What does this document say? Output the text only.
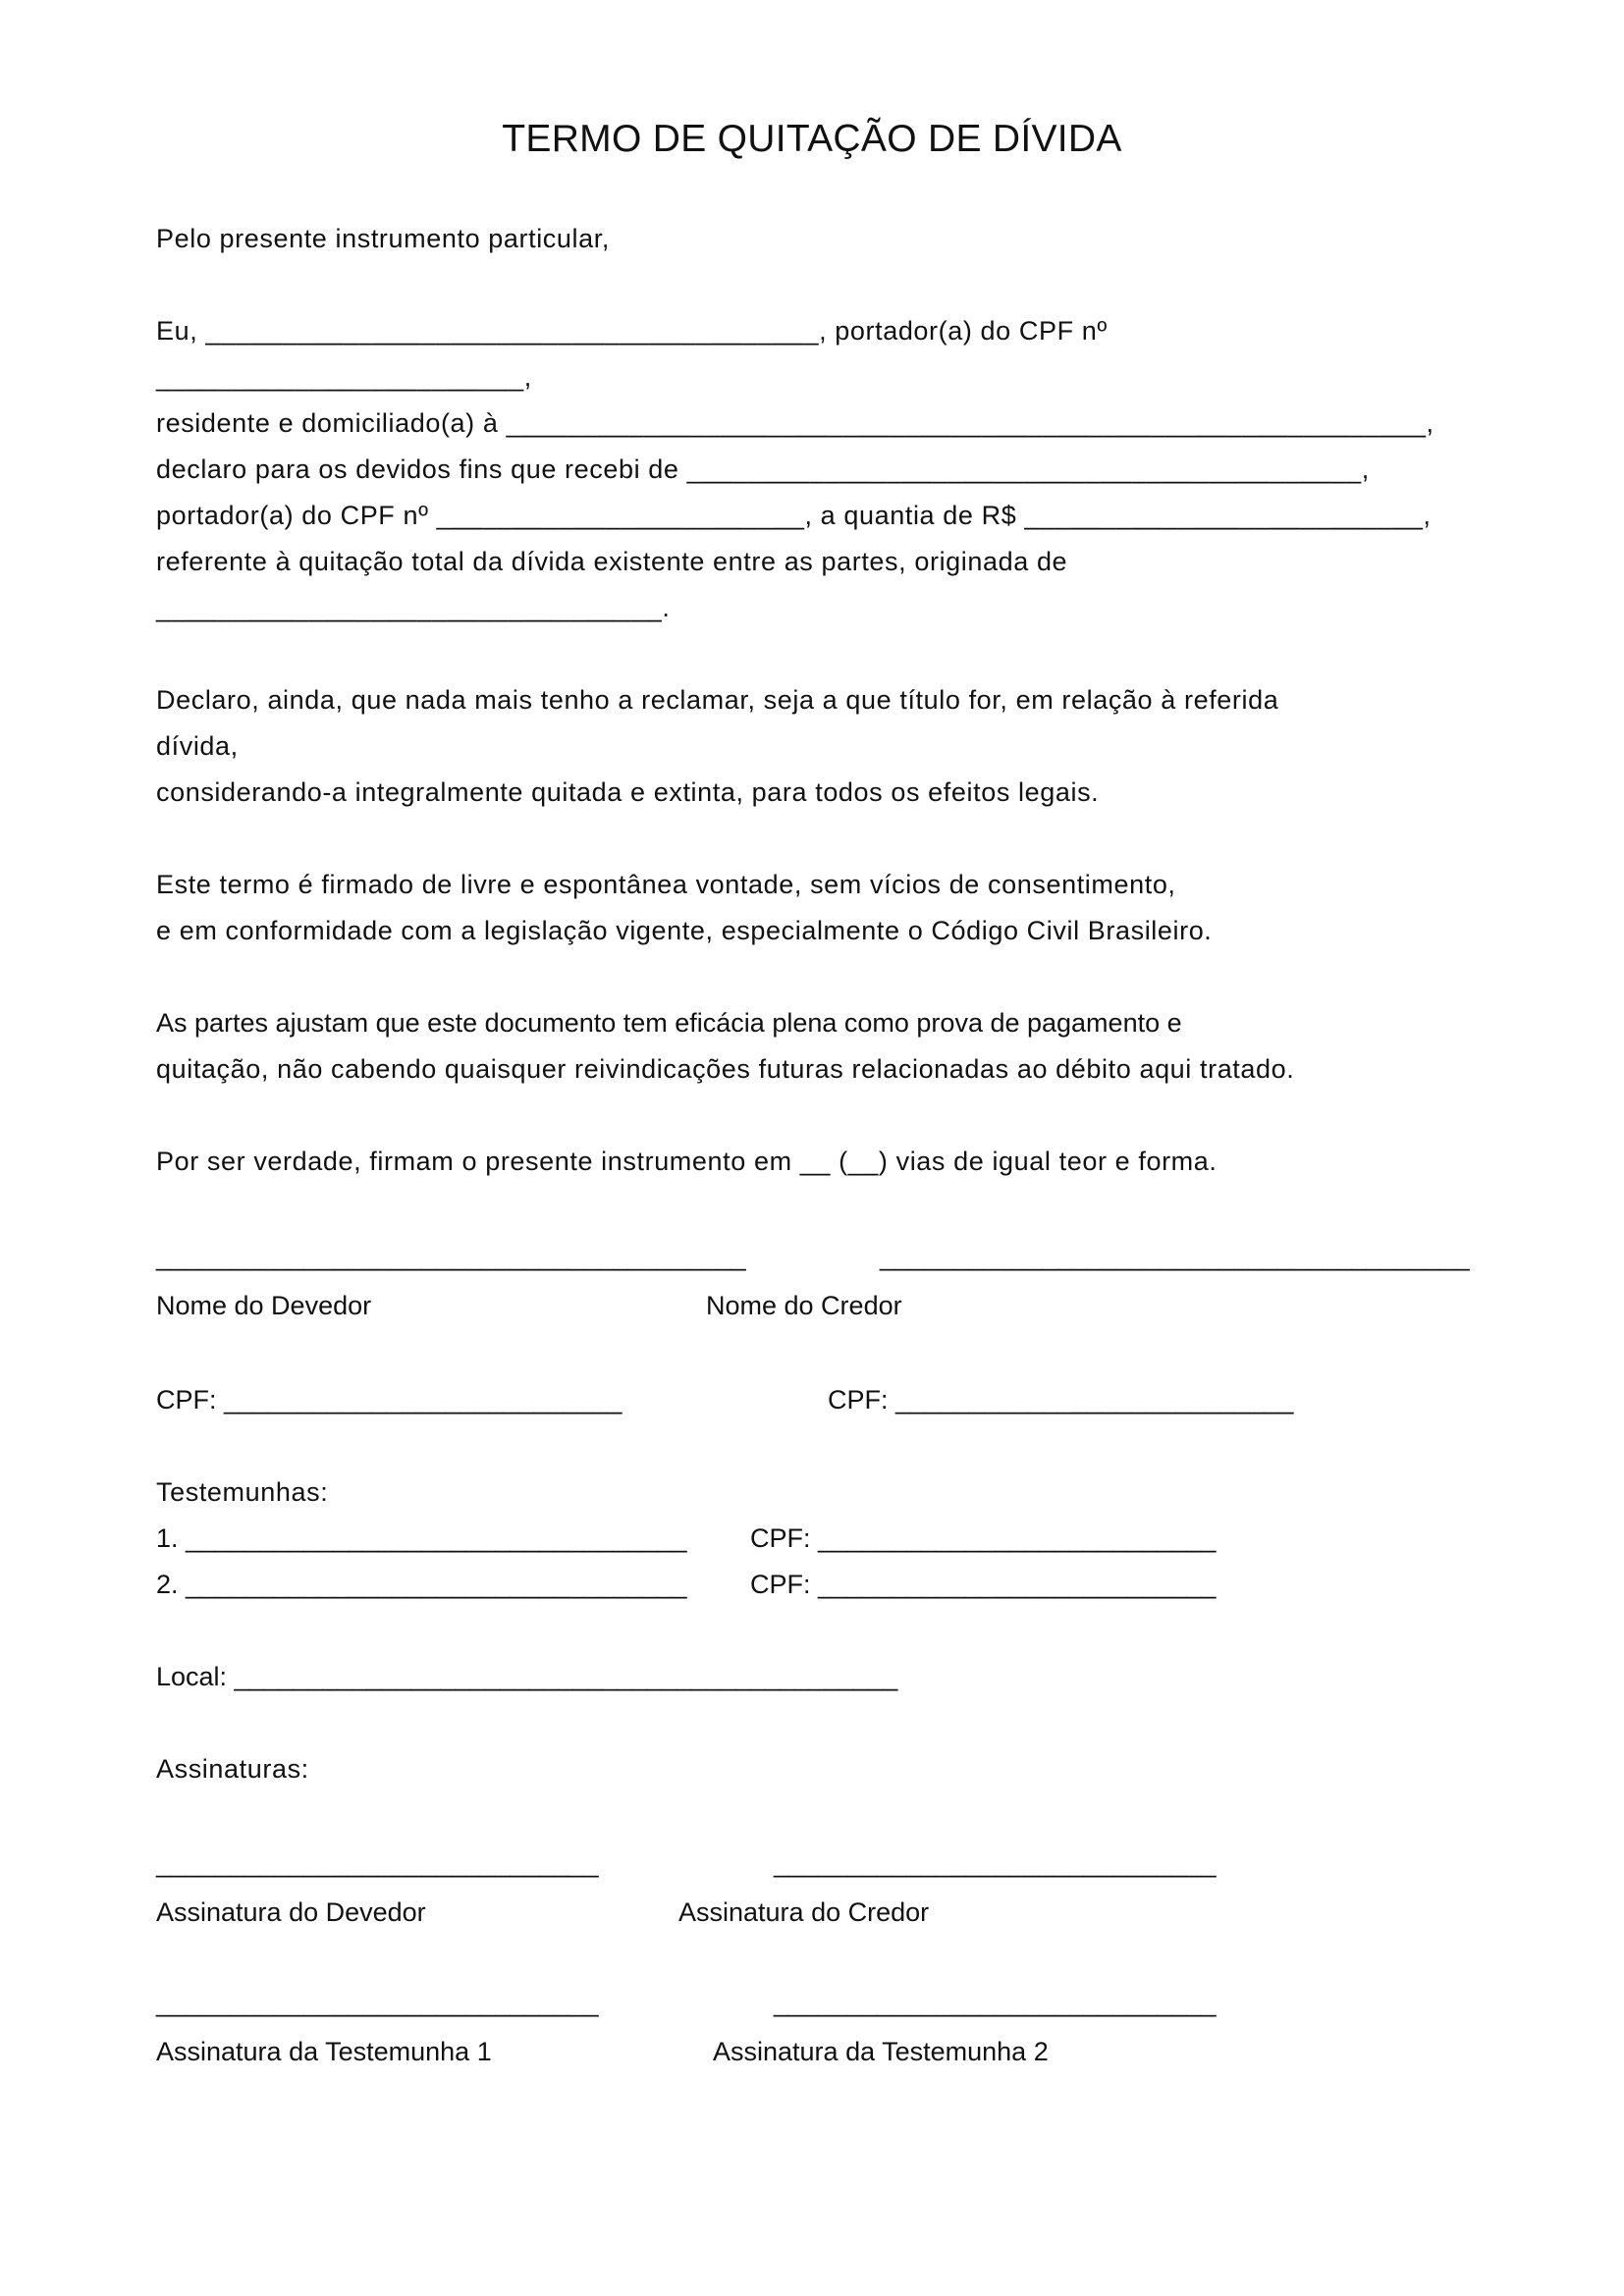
TERMO DE QUITAÇÃO DE DÍVIDA
Pelo presente instrumento particular,
Eu, ________________________________________, portador(a) do CPF nº
________________________,
residente e domiciliado(a) à ____________________________________________________________,
declaro para os devidos fins que recebi de ____________________________________________,
portador(a) do CPF nº ________________________, a quantia de R$ __________________________,
referente à quitação total da dívida existente entre as partes, originada de
_________________________________.
Declaro, ainda, que nada mais tenho a reclamar, seja a que título for, em relação à referida
dívida,
considerando-a integralmente quitada e extinta, para todos os efeitos legais.
Este termo é firmado de livre e espontânea vontade, sem vícios de consentimento,
e em conformidade com a legislação vigente, especialmente o Código Civil Brasileiro.
As partes ajustam que este documento tem eficácia plena como prova de pagamento e
quitação, não cabendo quaisquer reivindicações futuras relacionadas ao débito aqui tratado.
Por ser verdade, firmam o presente instrumento em __ (__) vias de igual teor e forma.
________________________________________	________________________________________
Nome do Devedor	Nome do Credor
CPF: ___________________________	CPF: ___________________________
Testemunhas:
1. __________________________________ CPF: ___________________________
2. __________________________________ CPF: ___________________________
Local: _____________________________________________
Assinaturas:
______________________________	______________________________
Assinatura do Devedor	Assinatura do Credor
______________________________	______________________________
Assinatura da Testemunha 1	Assinatura da Testemunha 2
